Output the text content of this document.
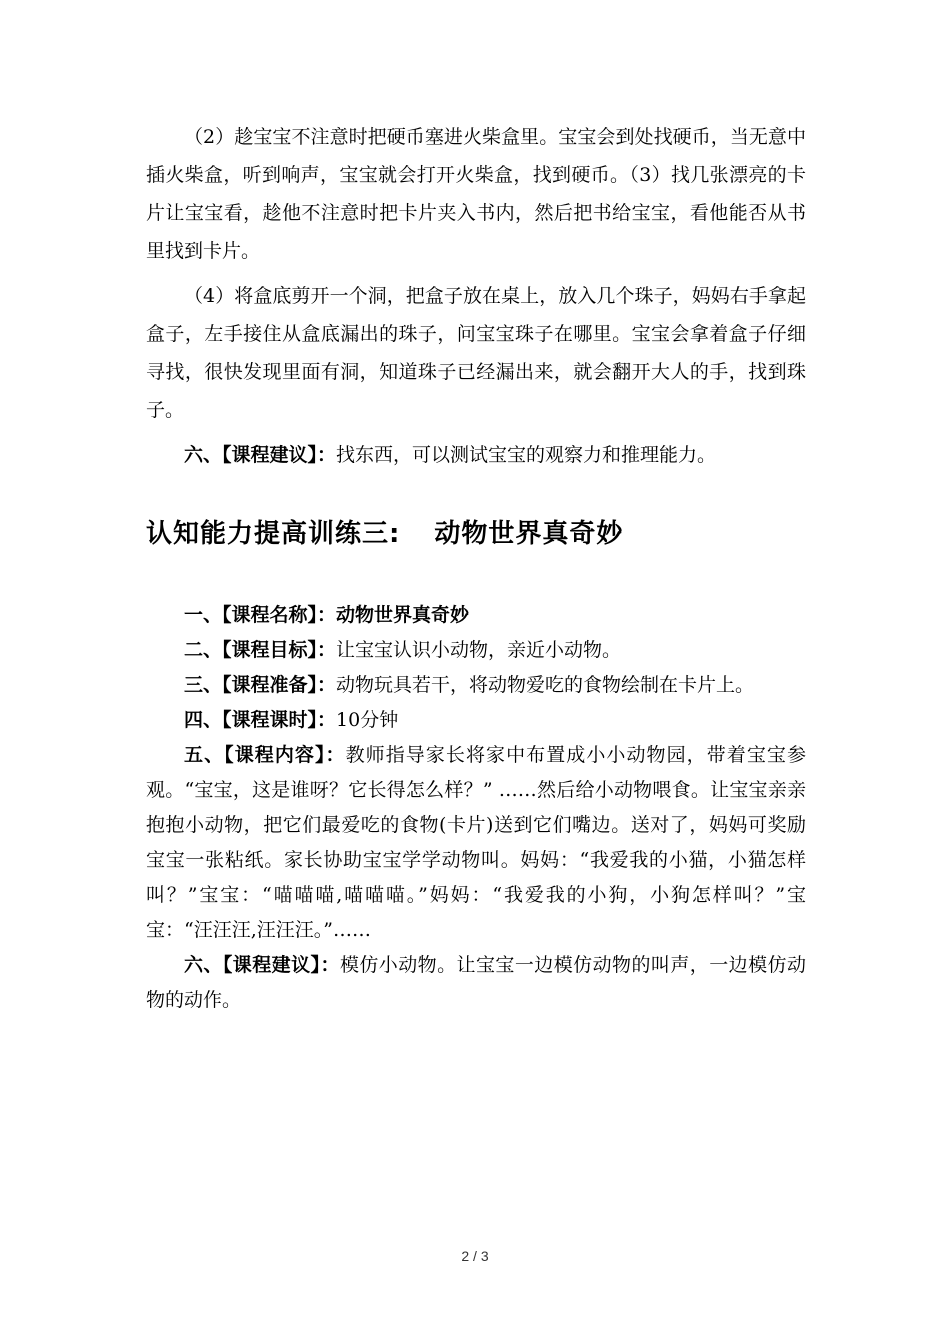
（2）趁宝宝不注意时把硬币塞进火柴盒里。宝宝会到处找硬币，当无意中插火柴盒，听到响声，宝宝就会打开火柴盒，找到硬币。（3）找几张漂亮的卡片让宝宝看，趁他不注意时把卡片夹入书内，然后把书给宝宝，看他能否从书里找到卡片。

（4）将盒底剪开一个洞，把盒子放在桌上，放入几个珠子，妈妈右手拿起盒子，左手接住从盒底漏出的珠子，问宝宝珠子在哪里。宝宝会拿着盒子仔细寻找，很快发现里面有洞，知道珠子已经漏出来，就会翻开大人的手，找到珠子。

六、【课程建议】：找东西，可以测试宝宝的观察力和推理能力。

认知能力提高训练三: 动物世界真奇妙

一、【课程名称】：动物世界真奇妙

二、【课程目标】：让宝宝认识小动物，亲近小动物。

三、【课程准备】：动物玩具若干，将动物爱吃的食物绘制在卡片上。

四、【课程课时】：10分钟

五、【课程内容】：教师指导家长将家中布置成小小动物园，带着宝宝参观。“宝宝，这是谁呀？它长得怎么样？” ……然后给小动物喂食。让宝宝亲亲抱抱小动物，把它们最爱吃的食物(卡片)送到它们嘴边。送对了，妈妈可奖励宝宝一张粘纸。家长协助宝宝学学动物叫。妈妈：“我爱我的小猫，小猫怎样叫？”宝宝：“喵喵喵,喵喵喵。”妈妈：“我爱我的小狗，小狗怎样叫？”宝宝：“汪汪汪,汪汪汪。”……

六、【课程建议】：模仿小动物。让宝宝一边模仿动物的叫声，一边模仿动物的动作。

2 / 3
